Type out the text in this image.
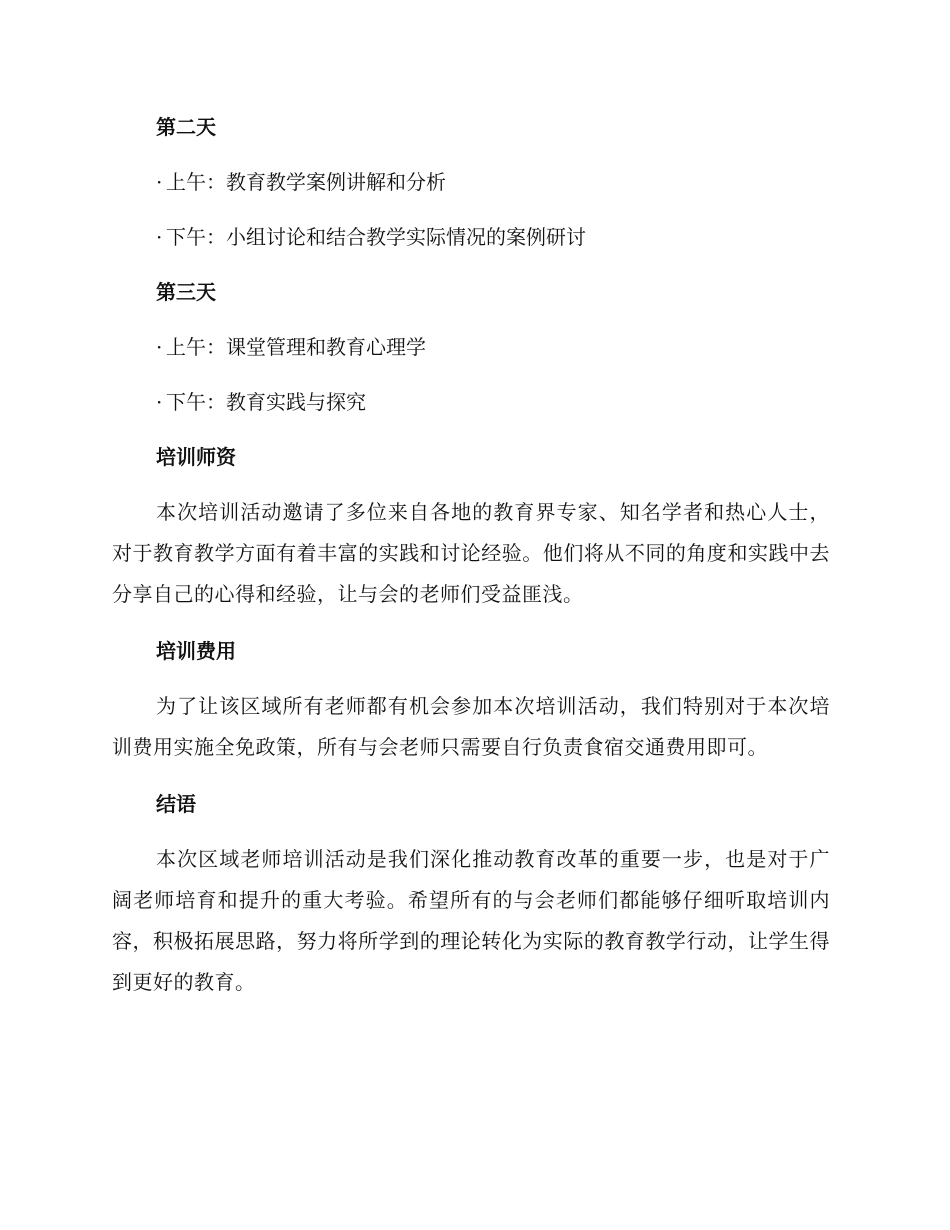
第二天

· 上午：教育教学案例讲解和分析

· 下午：小组讨论和结合教学实际情况的案例研讨

第三天

· 上午：课堂管理和教育心理学

· 下午：教育实践与探究

培训师资

本次培训活动邀请了多位来自各地的教育界专家、知名学者和热心人士，对于教育教学方面有着丰富的实践和讨论经验。他们将从不同的角度和实践中去分享自己的心得和经验，让与会的老师们受益匪浅。

培训费用

为了让该区域所有老师都有机会参加本次培训活动，我们特别对于本次培训费用实施全免政策，所有与会老师只需要自行负责食宿交通费用即可。

结语

本次区域老师培训活动是我们深化推动教育改革的重要一步，也是对于广阔老师培育和提升的重大考验。希望所有的与会老师们都能够仔细听取培训内容，积极拓展思路，努力将所学到的理论转化为实际的教育教学行动，让学生得到更好的教育。
